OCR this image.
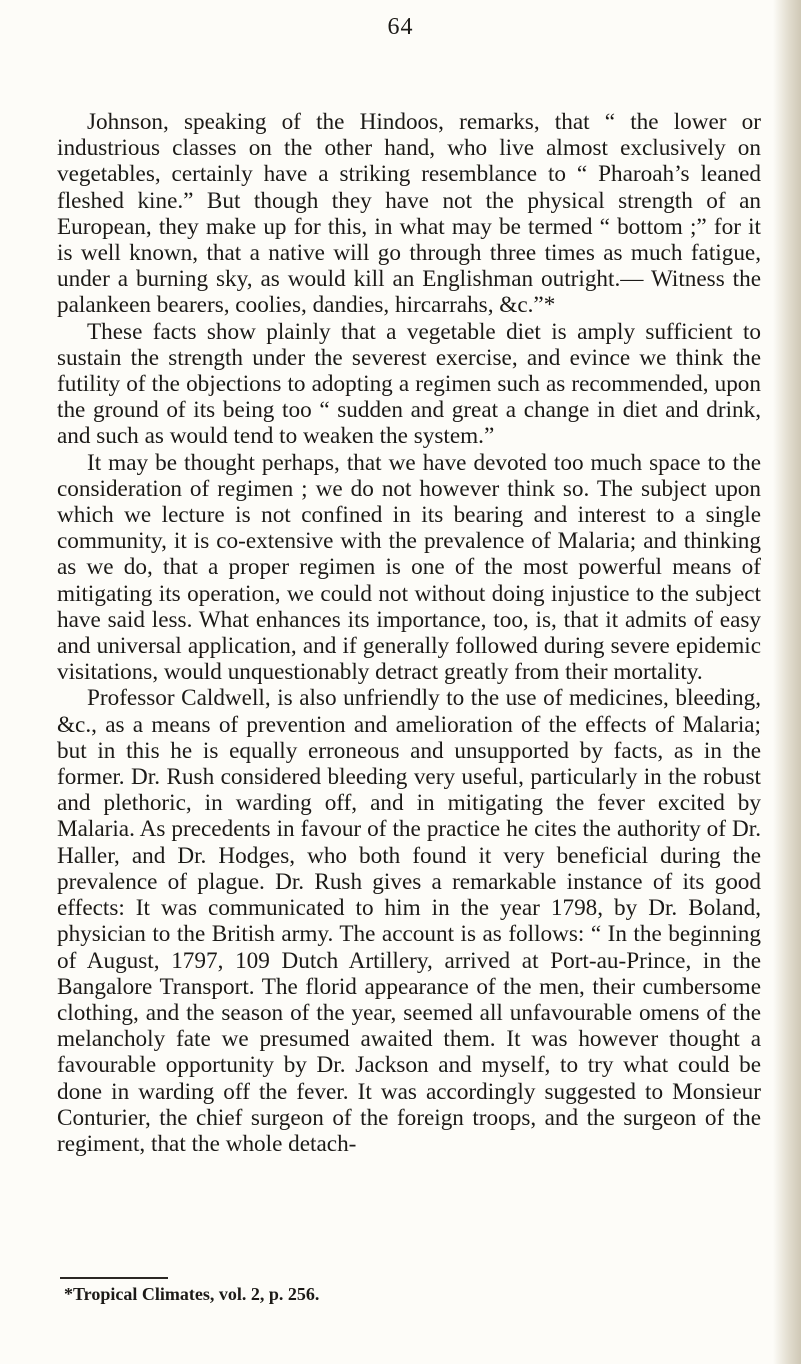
64

Johnson, speaking of the Hindoos, remarks, that “ the lower or industrious classes on the other hand, who live almost exclusively on vegetables, certainly have a striking resemblance to “ Pharoah’s leaned fleshed kine.” But though they have not the physical strength of an European, they make up for this, in what may be termed “ bottom ;” for it is well known, that a native will go through three times as much fatigue, under a burning sky, as would kill an Englishman outright.— Witness the palankeen bearers, coolies, dandies, hircarrahs, &c.”*

These facts show plainly that a vegetable diet is amply sufficient to sustain the strength under the severest exercise, and evince we think the futility of the objections to adopting a regimen such as recommended, upon the ground of its being too “ sudden and great a change in diet and drink, and such as would tend to weaken the system.”

It may be thought perhaps, that we have devoted too much space to the consideration of regimen ; we do not however think so. The subject upon which we lecture is not confined in its bearing and interest to a single community, it is co-extensive with the prevalence of Malaria; and thinking as we do, that a proper regimen is one of the most powerful means of mitigating its operation, we could not without doing injustice to the subject have said less. What enhances its importance, too, is, that it admits of easy and universal application, and if generally followed during severe epidemic visitations, would unquestionably detract greatly from their mortality.

Professor Caldwell, is also unfriendly to the use of medicines, bleeding, &c., as a means of prevention and amelioration of the effects of Malaria; but in this he is equally erroneous and unsupported by facts, as in the former. Dr. Rush considered bleeding very useful, particularly in the robust and plethoric, in warding off, and in mitigating the fever excited by Malaria. As precedents in favour of the practice he cites the authority of Dr. Haller, and Dr. Hodges, who both found it very beneficial during the prevalence of plague. Dr. Rush gives a remarkable instance of its good effects: It was communicated to him in the year 1798, by Dr. Boland, physician to the British army. The account is as follows: “ In the beginning of August, 1797, 109 Dutch Artillery, arrived at Port-au-Prince, in the Bangalore Transport. The florid appearance of the men, their cumbersome clothing, and the season of the year, seemed all unfavourable omens of the melancholy fate we presumed awaited them. It was however thought a favourable opportunity by Dr. Jackson and myself, to try what could be done in warding off the fever. It was accordingly suggested to Monsieur Conturier, the chief surgeon of the foreign troops, and the surgeon of the regiment, that the whole detach-

*Tropical Climates, vol. 2, p. 256.
